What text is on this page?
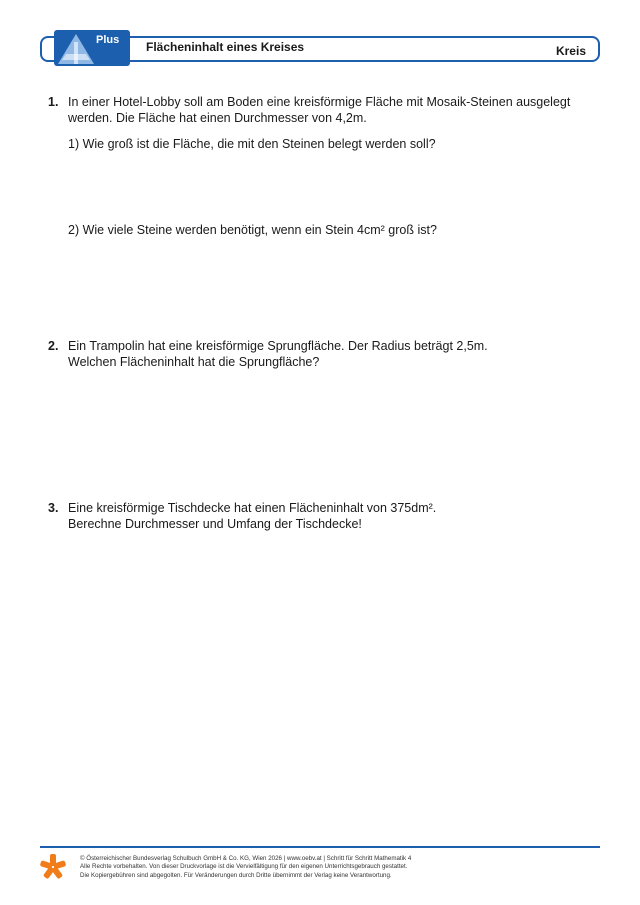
Plus Flächeninhalt eines Kreises	Kreis
1. In einer Hotel-Lobby soll am Boden eine kreisförmige Fläche mit Mosaik-Steinen ausgelegt

werden. Die Fläche hat einen Durchmesser von 4,2m.

1) Wie groß ist die Fläche, die mit den Steinen belegt werden soll?
2) Wie viele Steine werden benötigt, wenn ein Stein 4cm² groß ist?
2. Ein Trampolin hat eine kreisförmige Sprungfläche. Der Radius beträgt 2,5m.

Welchen Flächeninhalt hat die Sprungfläche?

3. Eine kreisförmige Tischdecke hat einen Flächeninhalt von 375dm².

Berechne Durchmesser und Umfang der Tischdecke!

© Österreichischer Bundesverlag Schulbuch GmbH & Co. KG, Wien 2026 | www.oebv.at | Schritt für Schritt Mathematik 4
Alle Rechte vorbehalten. Von dieser Druckvorlage ist die Vervielfältigung für den eigenen Unterrichtsgebrauch gestattet.
Die Kopiergebühren sind abgegolten. Für Veränderungen durch Dritte übernimmt der Verlag keine Verantwortung.
